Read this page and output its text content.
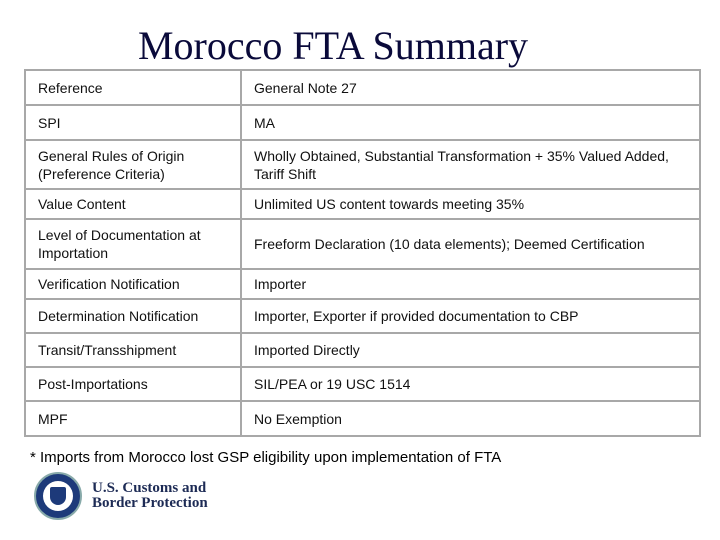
Morocco FTA Summary
Reference	General Note 27
SPI	MA
General Rules of Origin (Preference Criteria)	Wholly Obtained, Substantial Transformation + 35% Valued Added, Tariff Shift
Value Content	Unlimited US content towards meeting 35%
Level of Documentation at Importation	Freeform Declaration (10 data elements); Deemed Certification
Verification Notification	Importer
Determination Notification	Importer, Exporter if provided documentation to CBP
Transit/Transshipment	Imported Directly
Post-Importations	SIL/PEA or 19 USC 1514
MPF	No Exemption
* Imports from Morocco lost GSP eligibility upon implementation of FTA
U.S. Customs and
Border Protection
